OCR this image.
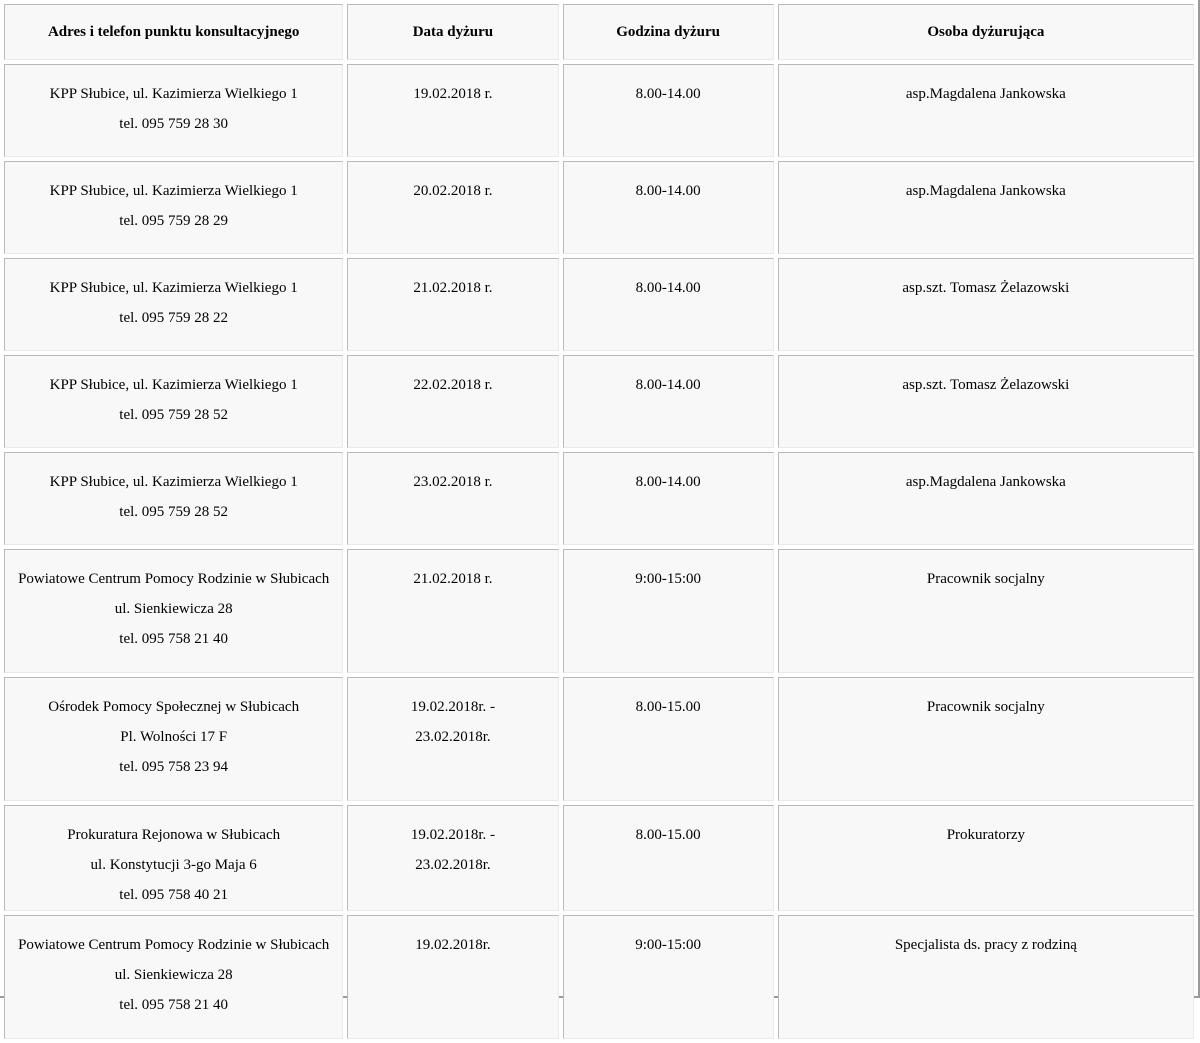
Adres i telefon punktu konsultacyjnego	Data dyżuru	Godzina dyżuru	Osoba dyżurująca

KPP Słubice, ul. Kazimierza Wielkiego 1
tel. 095 759 28 30	19.02.2018 r.	8.00-14.00	asp.Magdalena Jankowska

KPP Słubice, ul. Kazimierza Wielkiego 1
tel. 095 759 28 29	20.02.2018 r.	8.00-14.00	asp.Magdalena Jankowska

KPP Słubice, ul. Kazimierza Wielkiego 1
tel. 095 759 28 22	21.02.2018 r.	8.00-14.00	asp.szt. Tomasz Żelazowski

KPP Słubice, ul. Kazimierza Wielkiego 1
tel. 095 759 28 52	22.02.2018 r.	8.00-14.00	asp.szt. Tomasz Żelazowski

KPP Słubice, ul. Kazimierza Wielkiego 1
tel. 095 759 28 52	23.02.2018 r.	8.00-14.00	asp.Magdalena Jankowska

Powiatowe Centrum Pomocy Rodzinie w Słubicach
ul. Sienkiewicza 28
tel. 095 758 21 40	21.02.2018 r.	9:00-15:00	Pracownik socjalny

Ośrodek Pomocy Społecznej w Słubicach
Pl. Wolności 17 F
tel. 095 758 23 94	19.02.2018r. -
23.02.2018r.	8.00-15.00	Pracownik socjalny

Prokuratura Rejonowa w Słubicach
ul. Konstytucji 3-go Maja 6
tel. 095 758 40 21	19.02.2018r. -
23.02.2018r.	8.00-15.00	Prokuratorzy

Powiatowe Centrum Pomocy Rodzinie w Słubicach
ul. Sienkiewicza 28
tel. 095 758 21 40	19.02.2018r.	9:00-15:00	Specjalista ds. pracy z rodziną
